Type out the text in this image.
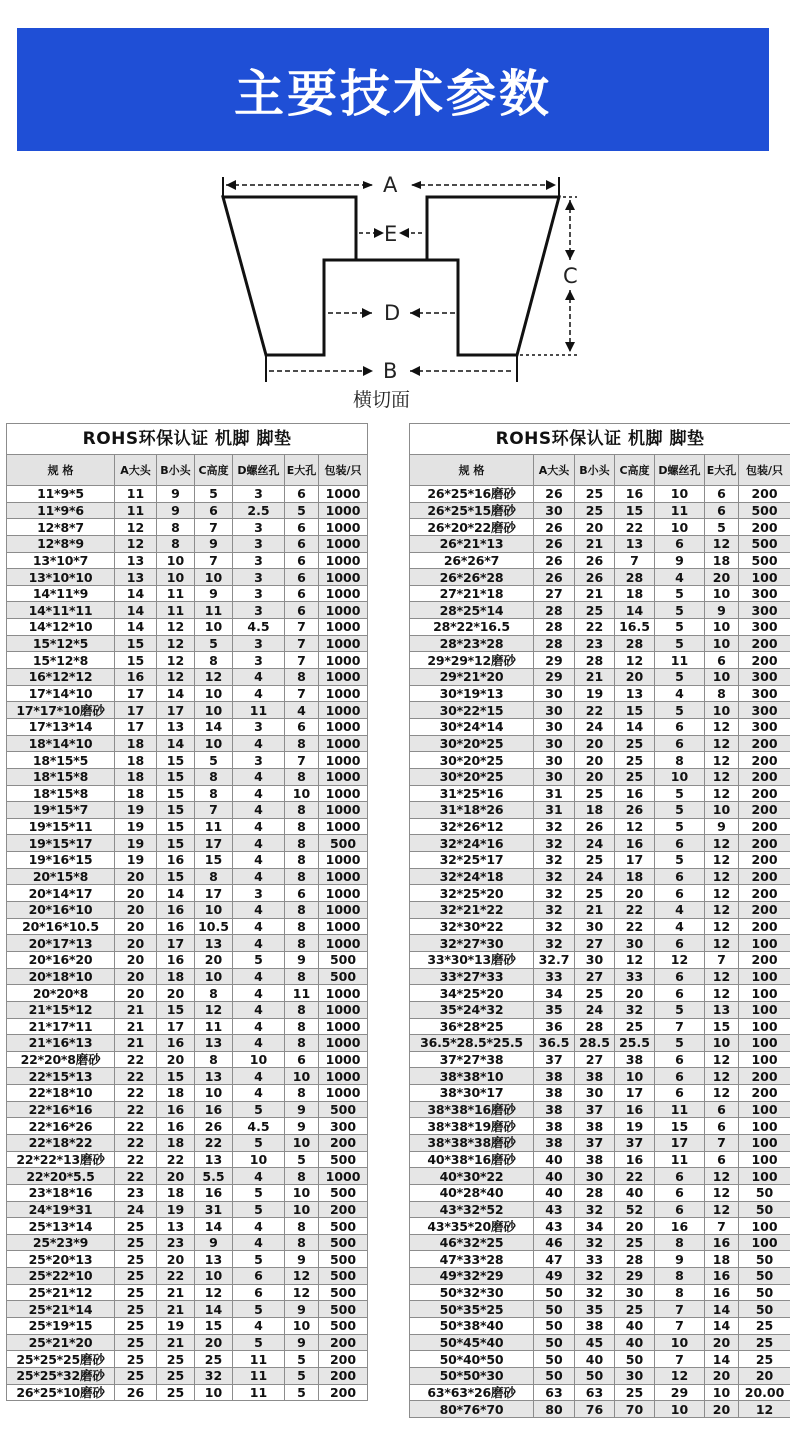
主要技术参数
A
E
C
D
B
横切面
ROHS环保认证 机脚 脚垫						
规 格	A大头	B小头	C高度	D螺丝孔	E大孔	包装/只
11*9*5	11	9	5	3	6	1000
11*9*6	11	9	6	2.5	5	1000
12*8*7	12	8	7	3	6	1000
12*8*9	12	8	9	3	6	1000
13*10*7	13	10	7	3	6	1000
13*10*10	13	10	10	3	6	1000
14*11*9	14	11	9	3	6	1000
14*11*11	14	11	11	3	6	1000
14*12*10	14	12	10	4.5	7	1000
15*12*5	15	12	5	3	7	1000
15*12*8	15	12	8	3	7	1000
16*12*12	16	12	12	4	8	1000
17*14*10	17	14	10	4	7	1000
17*17*10磨砂	17	17	10	11	4	1000
17*13*14	17	13	14	3	6	1000
18*14*10	18	14	10	4	8	1000
18*15*5	18	15	5	3	7	1000
18*15*8	18	15	8	4	8	1000
18*15*8	18	15	8	4	10	1000
19*15*7	19	15	7	4	8	1000
19*15*11	19	15	11	4	8	1000
19*15*17	19	15	17	4	8	500
19*16*15	19	16	15	4	8	1000
20*15*8	20	15	8	4	8	1000
20*14*17	20	14	17	3	6	1000
20*16*10	20	16	10	4	8	1000
20*16*10.5	20	16	10.5	4	8	1000
20*17*13	20	17	13	4	8	1000
20*16*20	20	16	20	5	9	500
20*18*10	20	18	10	4	8	500
20*20*8	20	20	8	4	11	1000
21*15*12	21	15	12	4	8	1000
21*17*11	21	17	11	4	8	1000
21*16*13	21	16	13	4	8	1000
22*20*8磨砂	22	20	8	10	6	1000
22*15*13	22	15	13	4	10	1000
22*18*10	22	18	10	4	8	1000
22*16*16	22	16	16	5	9	500
22*16*26	22	16	26	4.5	9	300
22*18*22	22	18	22	5	10	200
22*22*13磨砂	22	22	13	10	5	500
22*20*5.5	22	20	5.5	4	8	1000
23*18*16	23	18	16	5	10	500
24*19*31	24	19	31	5	10	200
25*13*14	25	13	14	4	8	500
25*23*9	25	23	9	4	8	500
25*20*13	25	20	13	5	9	500
25*22*10	25	22	10	6	12	500
25*21*12	25	21	12	6	12	500
25*21*14	25	21	14	5	9	500
25*19*15	25	19	15	4	10	500
25*21*20	25	21	20	5	9	200
25*25*25磨砂	25	25	25	11	5	200
25*25*32磨砂	25	25	32	11	5	200
26*25*10磨砂	26	25	10	11	5	200
ROHS环保认证 机脚 脚垫						
规 格	A大头	B小头	C高度	D螺丝孔	E大孔	包装/只
26*25*16磨砂	26	25	16	10	6	200
26*25*15磨砂	30	25	15	11	6	500
26*20*22磨砂	26	20	22	10	5	200
26*21*13	26	21	13	6	12	500
26*26*7	26	26	7	9	18	500
26*26*28	26	26	28	4	20	100
27*21*18	27	21	18	5	10	300
28*25*14	28	25	14	5	9	300
28*22*16.5	28	22	16.5	5	10	300
28*23*28	28	23	28	5	10	200
29*29*12磨砂	29	28	12	11	6	200
29*21*20	29	21	20	5	10	300
30*19*13	30	19	13	4	8	300
30*22*15	30	22	15	5	10	300
30*24*14	30	24	14	6	12	300
30*20*25	30	20	25	6	12	200
30*20*25	30	20	25	8	12	200
30*20*25	30	20	25	10	12	200
31*25*16	31	25	16	5	12	200
31*18*26	31	18	26	5	10	200
32*26*12	32	26	12	5	9	200
32*24*16	32	24	16	6	12	200
32*25*17	32	25	17	5	12	200
32*24*18	32	24	18	6	12	200
32*25*20	32	25	20	6	12	200
32*21*22	32	21	22	4	12	200
32*30*22	32	30	22	4	12	200
32*27*30	32	27	30	6	12	100
33*30*13磨砂	32.7	30	12	12	7	200
33*27*33	33	27	33	6	12	100
34*25*20	34	25	20	6	12	100
35*24*32	35	24	32	5	13	100
36*28*25	36	28	25	7	15	100
36.5*28.5*25.5	36.5	28.5	25.5	5	10	100
37*27*38	37	27	38	6	12	100
38*38*10	38	38	10	6	12	200
38*30*17	38	30	17	6	12	200
38*38*16磨砂	38	37	16	11	6	100
38*38*19磨砂	38	38	19	15	6	100
38*38*38磨砂	38	37	37	17	7	100
40*38*16磨砂	40	38	16	11	6	100
40*30*22	40	30	22	6	12	100
40*28*40	40	28	40	6	12	50
43*32*52	43	32	52	6	12	50
43*35*20磨砂	43	34	20	16	7	100
46*32*25	46	32	25	8	16	100
47*33*28	47	33	28	9	18	50
49*32*29	49	32	29	8	16	50
50*32*30	50	32	30	8	16	50
50*35*25	50	35	25	7	14	50
50*38*40	50	38	40	7	14	25
50*45*40	50	45	40	10	20	25
50*40*50	50	40	50	7	14	25
50*50*30	50	50	30	12	20	20
63*63*26磨砂	63	63	25	29	10	20.00
80*76*70	80	76	70	10	20	12
